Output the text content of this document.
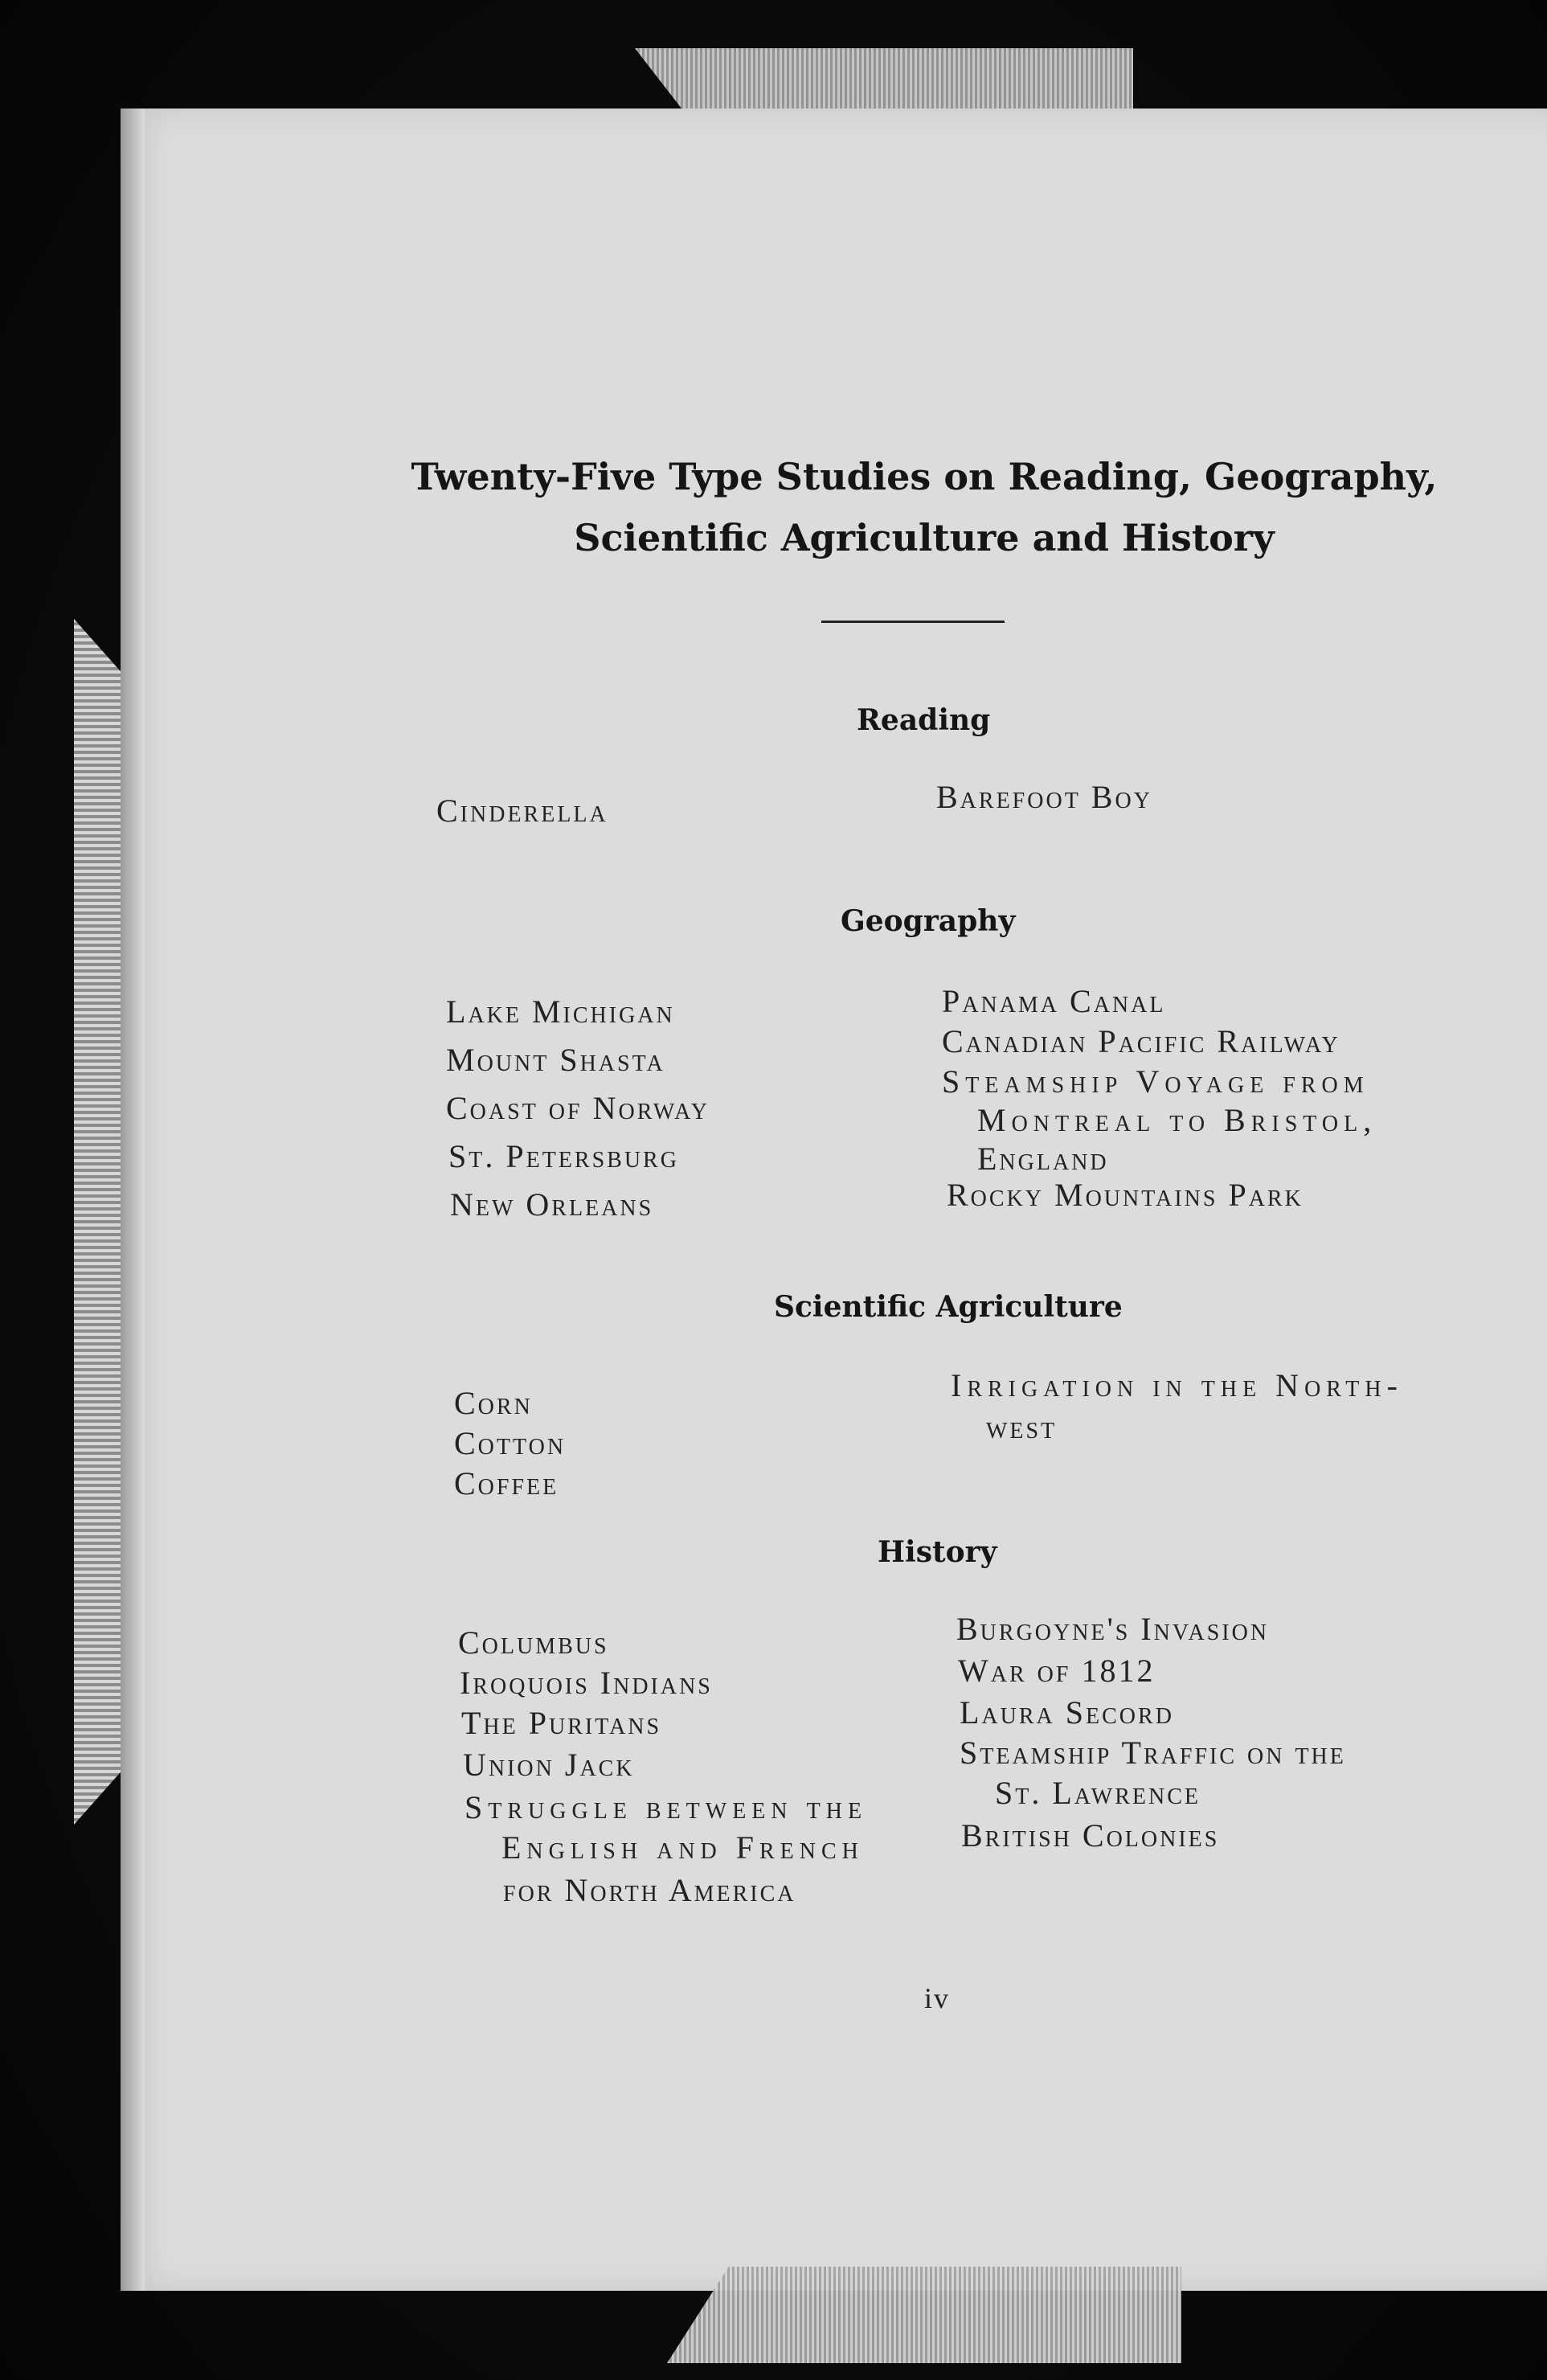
Twenty-Five Type Studies on Reading, Geography,
Scientific Agriculture and History
Reading
Cinderella	Barefoot Boy
Geography
Lake Michigan
Mount Shasta
Coast of Norway
St. Petersburg
New Orleans
Panama Canal
Canadian Pacific Railway
Steamship Voyage from
Montreal to Bristol,
England
Rocky Mountains Park
Scientific Agriculture
Corn
Cotton
Coffee
Irrigation in the North-
west
History
Columbus
Iroquois Indians
The Puritans
Union Jack
Struggle between the
English and French
for North America
Burgoyne's Invasion
War of 1812
Laura Secord
Steamship Traffic on the
St. Lawrence
British Colonies
iv
